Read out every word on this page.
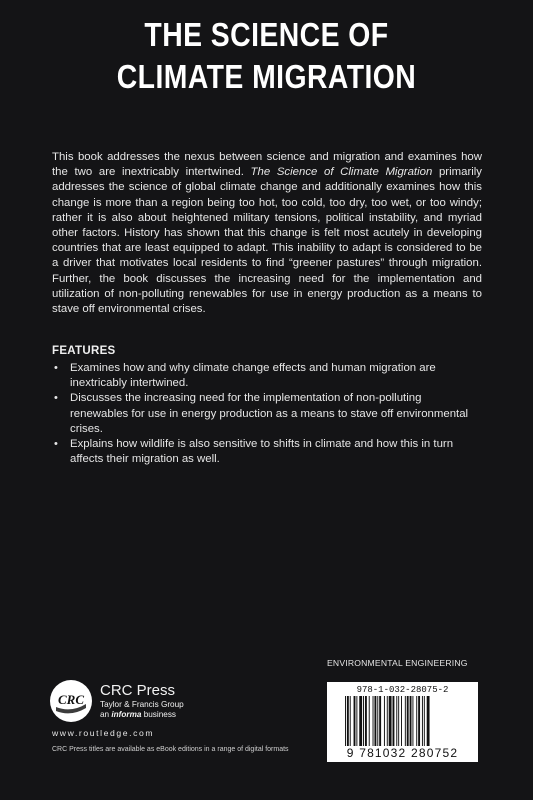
THE SCIENCE OF
CLIMATE MIGRATION
This book addresses the nexus between science and migration and examines how the two are inextricably intertwined. The Science of Climate Migration primarily addresses the science of global climate change and additionally examines how this change is more than a region being too hot, too cold, too dry, too wet, or too windy; rather it is also about heightened military tensions, political instability, and myriad other factors. History has shown that this change is felt most acutely in developing countries that are least equipped to adapt. This inability to adapt is considered to be a driver that motivates local residents to find “greener pastures” through migration. Further, the book discusses the increasing need for the implementation and utilization of non-polluting renewables for use in energy production as a means to stave off environmental crises.
FEATURES
• Examines how and why climate change effects and human migration are inextricably intertwined.
• Discusses the increasing need for the implementation of non-polluting renewables for use in energy production as a means to stave off environmental crises.
• Explains how wildlife is also sensitive to shifts in climate and how this in turn affects their migration as well.
CRC
CRC Press
Taylor & Francis Group
an informa business
www.routledge.com
CRC Press titles are available as eBook editions in a range of digital formats
ENVIRONMENTAL ENGINEERING
978-1-032-28075-2
9 781032 280752
